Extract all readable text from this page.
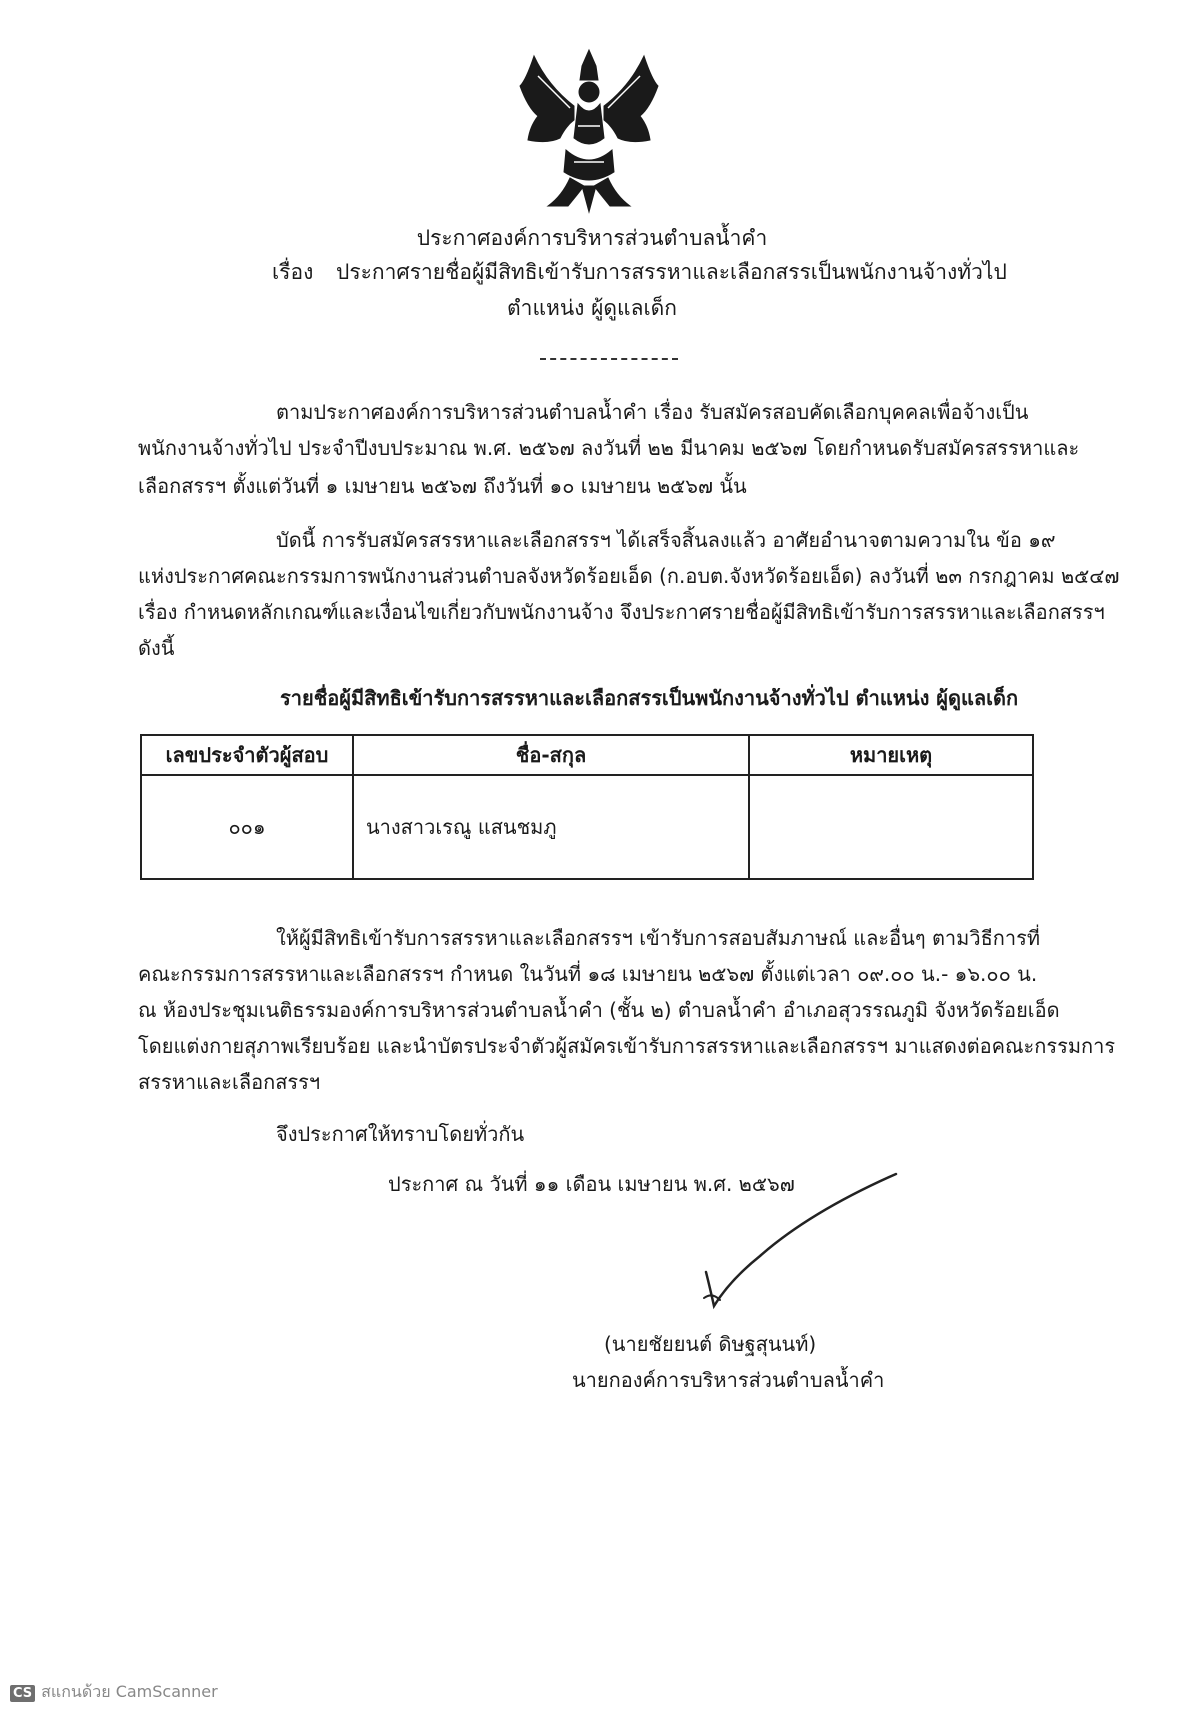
ประกาศองค์การบริหารส่วนตำบลน้ำคำ
เรื่อง ประกาศรายชื่อผู้มีสิทธิเข้ารับการสรรหาและเลือกสรรเป็นพนักงานจ้างทั่วไป
ตำแหน่ง ผู้ดูแลเด็ก
ตามประกาศองค์การบริหารส่วนตำบลน้ำคำ เรื่อง รับสมัครสอบคัดเลือกบุคคลเพื่อจ้างเป็น
พนักงานจ้างทั่วไป ประจำปีงบประมาณ พ.ศ. ๒๕๖๗ ลงวันที่ ๒๒ มีนาคม ๒๕๖๗ โดยกำหนดรับสมัครสรรหาและ
เลือกสรรฯ ตั้งแต่วันที่ ๑ เมษายน ๒๕๖๗ ถึงวันที่ ๑๐ เมษายน ๒๕๖๗ นั้น
บัดนี้ การรับสมัครสรรหาและเลือกสรรฯ ได้เสร็จสิ้นลงแล้ว อาศัยอำนาจตามความใน ข้อ ๑๙
แห่งประกาศคณะกรรมการพนักงานส่วนตำบลจังหวัดร้อยเอ็ด (ก.อบต.จังหวัดร้อยเอ็ด) ลงวันที่ ๒๓ กรกฎาคม ๒๕๔๗
เรื่อง กำหนดหลักเกณฑ์และเงื่อนไขเกี่ยวกับพนักงานจ้าง จึงประกาศรายชื่อผู้มีสิทธิเข้ารับการสรรหาและเลือกสรรฯ
ดังนี้
รายชื่อผู้มีสิทธิเข้ารับการสรรหาและเลือกสรรเป็นพนักงานจ้างทั่วไป ตำแหน่ง ผู้ดูแลเด็ก
เลขประจำตัวผู้สอบ	ชื่อ-สกุล	หมายเหตุ
๐๐๑	นางสาวเรณู แสนชมภู	
ให้ผู้มีสิทธิเข้ารับการสรรหาและเลือกสรรฯ เข้ารับการสอบสัมภาษณ์ และอื่นๆ ตามวิธีการที่
คณะกรรมการสรรหาและเลือกสรรฯ กำหนด ในวันที่ ๑๘ เมษายน ๒๕๖๗ ตั้งแต่เวลา ๐๙.๐๐ น.- ๑๖.๐๐ น.
ณ ห้องประชุมเนติธรรมองค์การบริหารส่วนตำบลน้ำคำ (ชั้น ๒) ตำบลน้ำคำ อำเภอสุวรรณภูมิ จังหวัดร้อยเอ็ด
โดยแต่งกายสุภาพเรียบร้อย และนำบัตรประจำตัวผู้สมัครเข้ารับการสรรหาและเลือกสรรฯ มาแสดงต่อคณะกรรมการ
สรรหาและเลือกสรรฯ
จึงประกาศให้ทราบโดยทั่วกัน
ประกาศ ณ วันที่ ๑๑ เดือน เมษายน พ.ศ. ๒๕๖๗
(นายชัยยนต์ ดิษฐสุนนท์)
นายกองค์การบริหารส่วนตำบลน้ำคำ
CS สแกนด้วย CamScanner
